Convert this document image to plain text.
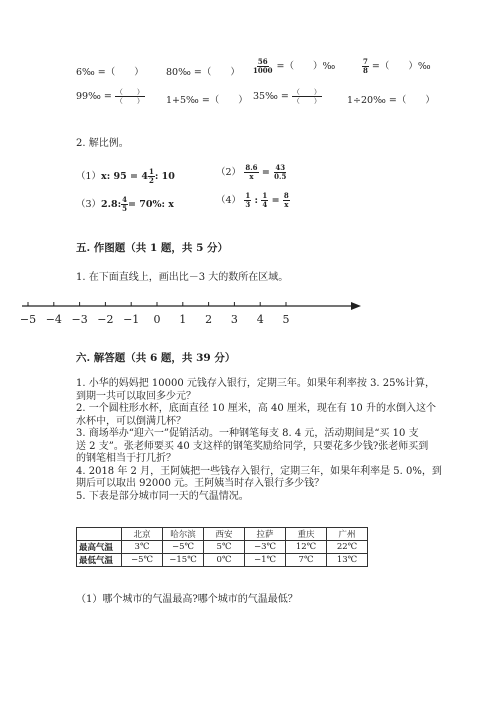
6‰ =（　　） 80‰ =（　　） $\frac{56}{1000}$ =（　　）‰	$\frac{7}{8}$ =（　　）‰
99‰ = $\frac{( )}{( )}$ 1+5‰ =（　　） 35‰ = $\frac{( )}{( )}$	1÷20‰ =（　　）
2. 解比例。
（1）x: $95 = 4 \frac{1}{2}$ : 10	$(2) \frac{8.6}{x} = \frac{43}{0.5}$
（3）2.8: $\frac{4}{5} = 70\%$: x	$(4) \frac{1}{3}$ : $\frac{1}{4} = \frac{8}{x}$
五. 作图题（共 1 题，共 5 分）
1. 在下面直线上，画出比－3 大的数所在区域。
−5 −4 −3 −2 −1 0 1 2 3 4 5
六. 解答题（共 6 题，共 39 分）
1. 小华的妈妈把 10000 元钱存入银行，定期三年。如果年利率按 3. 25%计算，
到期一共可以取回多少元？
2. 一个圆柱形水杯，底面直径 10 厘米，高 40 厘米，现在有 10 升的水倒入这个
水杯中，可以倒满几杯？
3. 商场举办“迎六一”促销活动。一种钢笔每支 8. 4 元，活动期间是“买 10 支
送 2 支”。张老师要买 40 支这样的钢笔奖励给同学，只要花多少钱?张老师买到
的钢笔相当于打几折？
4. 2018 年 2 月，王阿姨把一些钱存入银行，定期三年，如果年利率是 5. 0%，到
期后可以取出 92000 元。王阿姨当时存入银行多少钱？
5. 下表是部分城市同一天的气温情况。
	北京	哈尔滨	西安	拉萨	重庆	广州
最高气温	3℃	−5℃	5℃	−3℃	12℃	22℃
最低气温	−5℃	−15℃	0℃	−1℃	7℃	13℃
（1）哪个城市的气温最高?哪个城市的气温最低？
